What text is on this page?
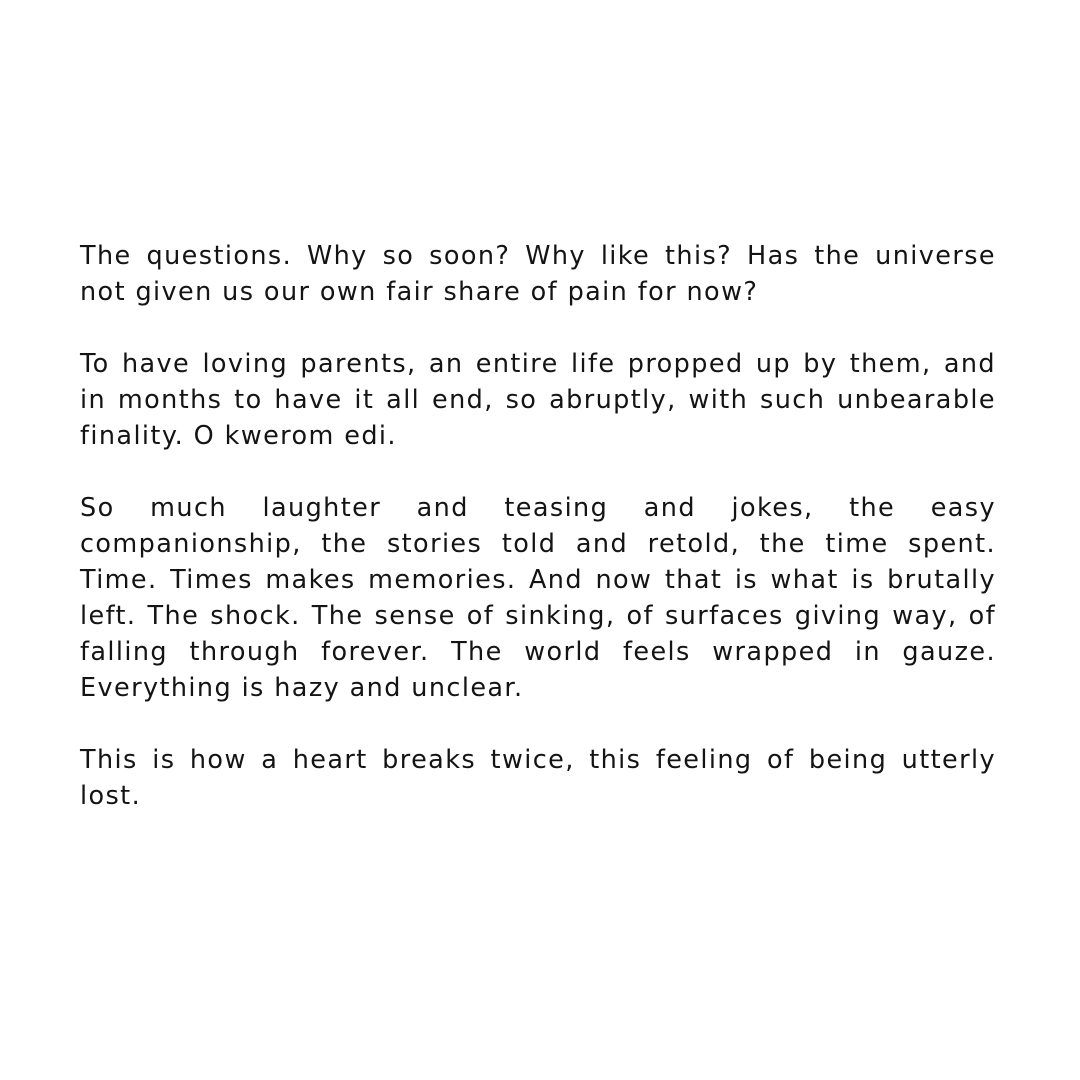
The questions. Why so soon? Why like this? Has the universe not given us our own fair share of pain for now?

To have loving parents, an entire life propped up by them, and in months to have it all end, so abruptly, with such unbearable finality. O kwerom edi.

So much laughter and teasing and jokes, the easy companionship, the stories told and retold, the time spent. Time. Times makes memories. And now that is what is brutally left. The shock. The sense of sinking, of surfaces giving way, of falling through forever. The world feels wrapped in gauze. Everything is hazy and unclear.

This is how a heart breaks twice, this feeling of being utterly lost.
